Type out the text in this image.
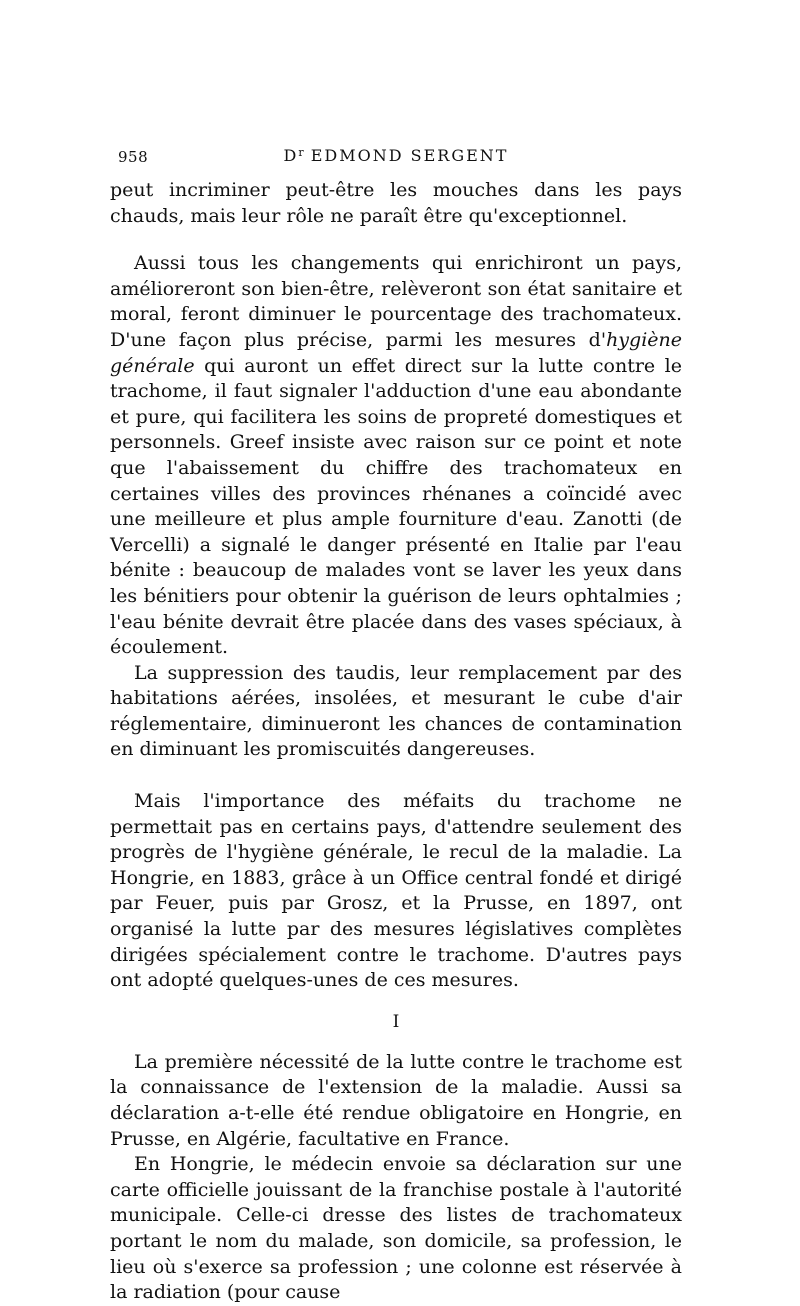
958	$D^r$ EDMOND SERGENT

peut incriminer peut-être les mouches dans les pays chauds, mais leur rôle ne paraît être qu'exceptionnel.

Aussi tous les changements qui enrichiront un pays, amélioreront son bien-être, relèveront son état sanitaire et moral, feront diminuer le pourcentage des trachomateux. D'une façon plus précise, parmi les mesures d'hygiène générale qui auront un effet direct sur la lutte contre le trachome, il faut signaler l'adduction d'une eau abondante et pure, qui facilitera les soins de propreté domestiques et personnels. Greef insiste avec raison sur ce point et note que l'abaissement du chiffre des trachomateux en certaines villes des provinces rhénanes a coïncidé avec une meilleure et plus ample fourniture d'eau. Zanotti (de Vercelli) a signalé le danger présenté en Italie par l'eau bénite : beaucoup de malades vont se laver les yeux dans les bénitiers pour obtenir la guérison de leurs ophtalmies ; l'eau bénite devrait être placée dans des vases spéciaux, à écoulement.

La suppression des taudis, leur remplacement par des habitations aérées, insolées, et mesurant le cube d'air réglementaire, diminueront les chances de contamination en diminuant les promiscuités dangereuses.

Mais l'importance des méfaits du trachome ne permettait pas en certains pays, d'attendre seulement des progrès de l'hygiène générale, le recul de la maladie. La Hongrie, en 1883, grâce à un Office central fondé et dirigé par Feuer, puis par Grosz, et la Prusse, en 1897, ont organisé la lutte par des mesures législatives complètes dirigées spécialement contre le trachome. D'autres pays ont adopté quelques-unes de ces mesures.

I

La première nécessité de la lutte contre le trachome est la connaissance de l'extension de la maladie. Aussi sa déclaration a-t-elle été rendue obligatoire en Hongrie, en Prusse, en Algérie, facultative en France.

En Hongrie, le médecin envoie sa déclaration sur une carte officielle jouissant de la franchise postale à l'autorité municipale. Celle-ci dresse des listes de trachomateux portant le nom du malade, son domicile, sa profession, le lieu où s'exerce sa profession ; une colonne est réservée à la radiation (pour cause
